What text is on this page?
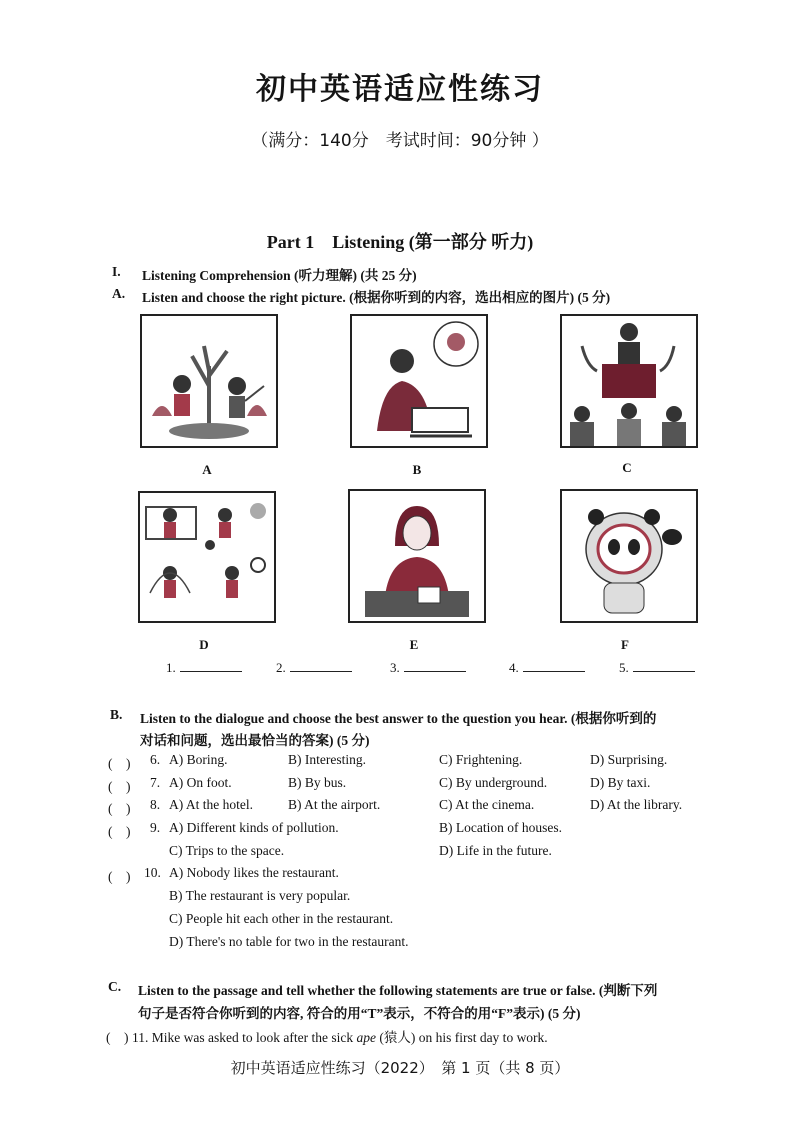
初中英语适应性练习
（满分：140分　考试时间：90分钟 ）
Part 1　Listening (第一部分 听力)
I. Listening Comprehension (听力理解) (共 25 分)
A. Listen and choose the right picture. (根据你听到的内容，选出相应的图片) (5 分)
A	B	C
D	E	F
1.	2.	3.	4.	5.
B. Listen to the dialogue and choose the best answer to the question you hear. (根据你听到的
对话和问题，选出最恰当的答案) (5 分)
(　) 6. A) Boring.	B) Interesting.	C) Frightening.	D) Surprising.
(　) 7. A) On foot.	B) By bus.	C) By underground.	D) By taxi.
(　) 8. A) At the hotel.	B) At the airport.	C) At the cinema.	D) At the library.
(　) 9. A) Different kinds of pollution.	B) Location of houses.
C) Trips to the space.	D) Life in the future.
(　) 10. A) Nobody likes the restaurant.
B) The restaurant is very popular.
C) People hit each other in the restaurant.
D) There's no table for two in the restaurant.
C. Listen to the passage and tell whether the following statements are true or false. (判断下列
句子是否符合你听到的内容, 符合的用“T”表示，不符合的用“F”表示) (5 分)
(　) 11. Mike was asked to look after the sick ape (猿人) on his first day to work.
初中英语适应性练习（2022）　第 1 页（共 8 页）
